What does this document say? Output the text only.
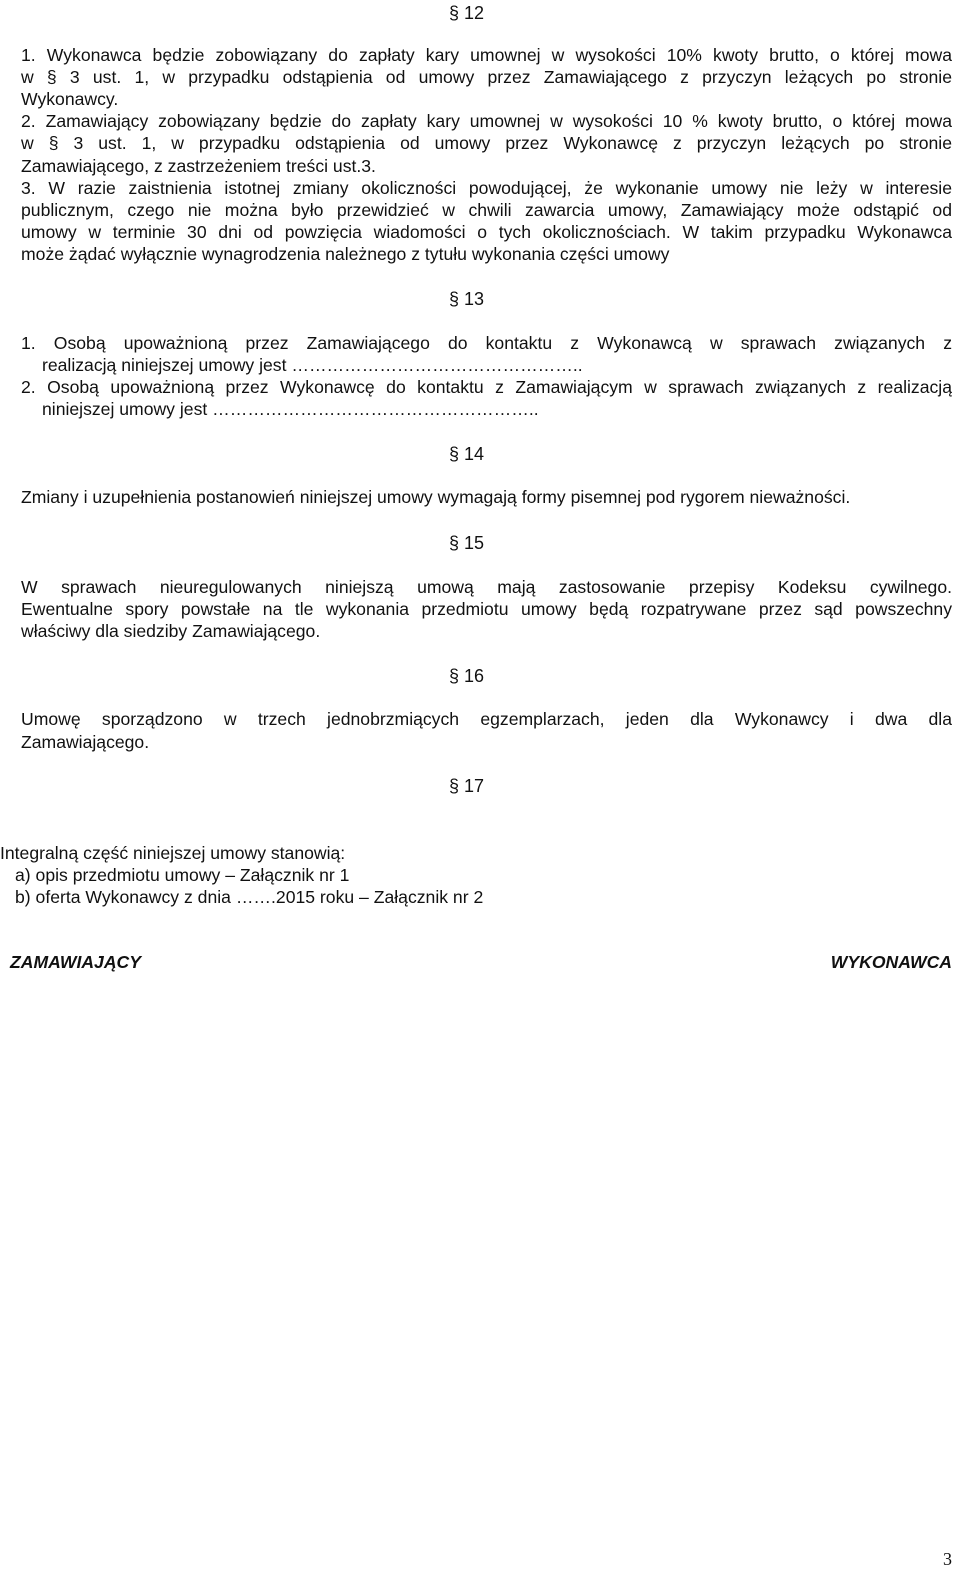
§ 12
1. Wykonawca będzie zobowiązany do zapłaty kary umownej w wysokości 10% kwoty brutto, o której mowa
w § 3 ust. 1, w przypadku odstąpienia od umowy przez Zamawiającego z przyczyn leżących po stronie
Wykonawcy.
2. Zamawiający zobowiązany będzie do zapłaty kary umownej w wysokości 10 % kwoty brutto, o której mowa
w § 3 ust. 1, w przypadku odstąpienia od umowy przez Wykonawcę z przyczyn leżących po stronie
Zamawiającego, z zastrzeżeniem treści ust.3.
3. W razie zaistnienia istotnej zmiany okoliczności powodującej, że wykonanie umowy nie leży w interesie
publicznym, czego nie można było przewidzieć w chwili zawarcia umowy, Zamawiający może odstąpić od
umowy w terminie 30 dni od powzięcia wiadomości o tych okolicznościach. W takim przypadku Wykonawca
może żądać wyłącznie wynagrodzenia należnego z tytułu wykonania części umowy
§ 13
1. Osobą upoważnioną przez Zamawiającego do kontaktu z Wykonawcą w sprawach związanych z
realizacją niniejszej umowy jest …………………………………………..
2. Osobą upoważnioną przez Wykonawcę do kontaktu z Zamawiającym w sprawach związanych z realizacją
niniejszej umowy jest ………………………………………………..
§ 14
Zmiany i uzupełnienia postanowień niniejszej umowy wymagają formy pisemnej pod rygorem nieważności.
§ 15
W sprawach nieuregulowanych niniejszą umową mają zastosowanie przepisy Kodeksu cywilnego.
Ewentualne spory powstałe na tle wykonania przedmiotu umowy będą rozpatrywane przez sąd powszechny
właściwy dla siedziby Zamawiającego.
§ 16
Umowę sporządzono w trzech jednobrzmiących egzemplarzach, jeden dla Wykonawcy i dwa dla
Zamawiającego.
§ 17
Integralną część niniejszej umowy stanowią:
a) opis przedmiotu umowy – Załącznik nr 1
b) oferta Wykonawcy z dnia …….2015 roku – Załącznik nr 2
ZAMAWIAJĄCY	WYKONAWCA
3
